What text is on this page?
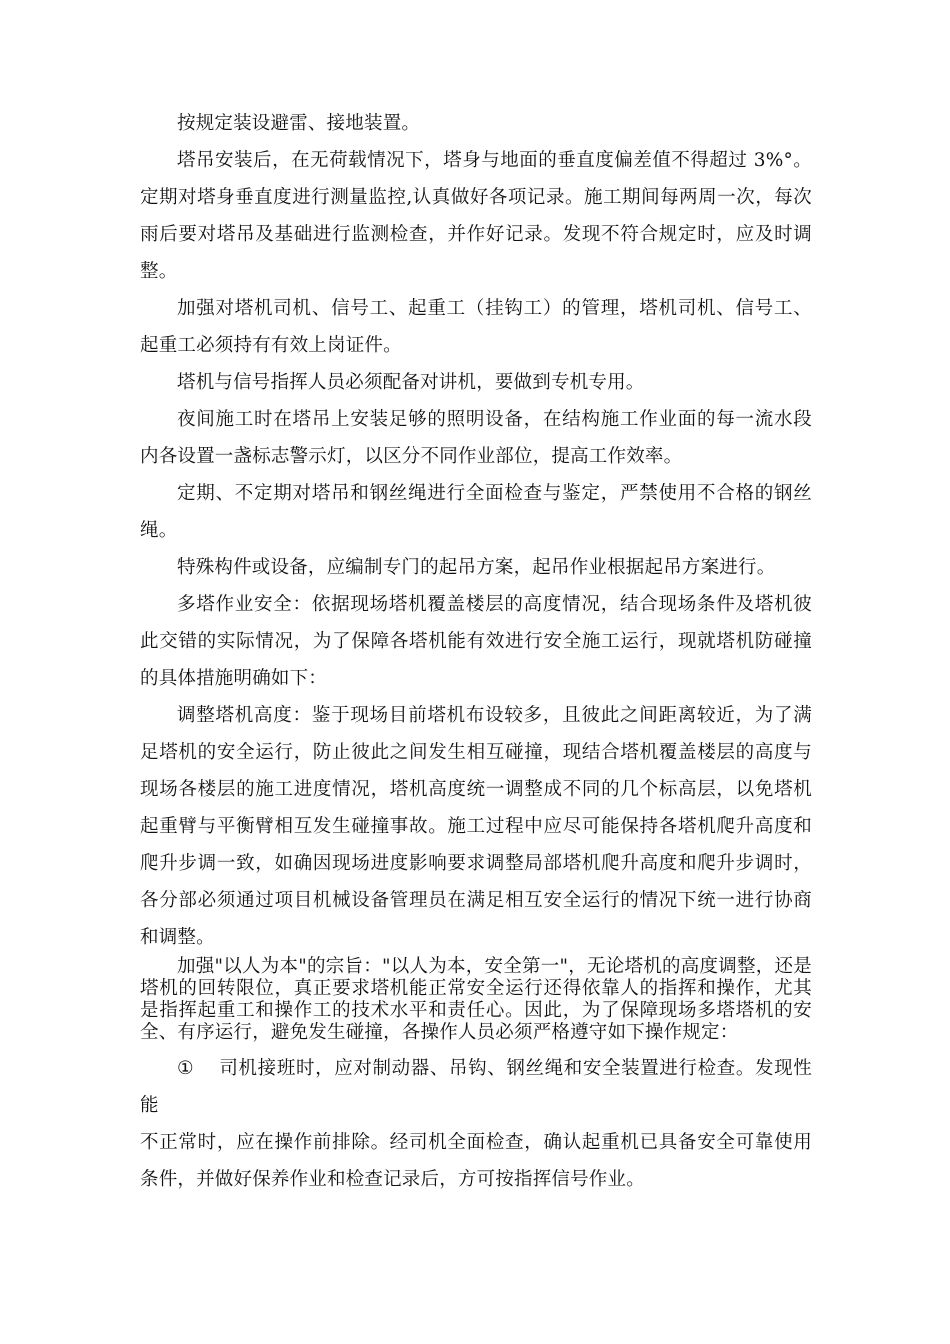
按规定装设避雷、接地装置。

塔吊安装后，在无荷载情况下，塔身与地面的垂直度偏差值不得超过 3%°。定期对塔身垂直度进行测量监控,认真做好各项记录。施工期间每两周一次，每次雨后要对塔吊及基础进行监测检查，并作好记录。发现不符合规定时，应及时调整。

加强对塔机司机、信号工、起重工（挂钩工）的管理，塔机司机、信号工、起重工必须持有有效上岗证件。

塔机与信号指挥人员必须配备对讲机，要做到专机专用。

夜间施工时在塔吊上安装足够的照明设备，在结构施工作业面的每一流水段内各设置一盏标志警示灯，以区分不同作业部位，提高工作效率。

定期、不定期对塔吊和钢丝绳进行全面检查与鉴定，严禁使用不合格的钢丝绳。

特殊构件或设备，应编制专门的起吊方案，起吊作业根据起吊方案进行。

多塔作业安全：依据现场塔机覆盖楼层的高度情况，结合现场条件及塔机彼此交错的实际情况，为了保障各塔机能有效进行安全施工运行，现就塔机防碰撞的具体措施明确如下：

调整塔机高度：鉴于现场目前塔机布设较多，且彼此之间距离较近，为了满足塔机的安全运行，防止彼此之间发生相互碰撞，现结合塔机覆盖楼层的高度与现场各楼层的施工进度情况，塔机高度统一调整成不同的几个标高层，以免塔机起重臂与平衡臂相互发生碰撞事故。施工过程中应尽可能保持各塔机爬升高度和爬升步调一致，如确因现场进度影响要求调整局部塔机爬升高度和爬升步调时，各分部必须通过项目机械设备管理员在满足相互安全运行的情况下统一进行协商和调整。

加强"以人为本"的宗旨："以人为本，安全第一"，无论塔机的高度调整，还是塔机的回转限位，真正要求塔机能正常安全运行还得依靠人的指挥和操作，尤其是指挥起重工和操作工的技术水平和责任心。因此，为了保障现场多塔塔机的安全、有序运行，避免发生碰撞，各操作人员必须严格遵守如下操作规定：

① 司机接班时，应对制动器、吊钩、钢丝绳和安全装置进行检查。发现性能

不正常时，应在操作前排除。经司机全面检查，确认起重机已具备安全可靠使用条件，并做好保养作业和检查记录后，方可按指挥信号作业。
